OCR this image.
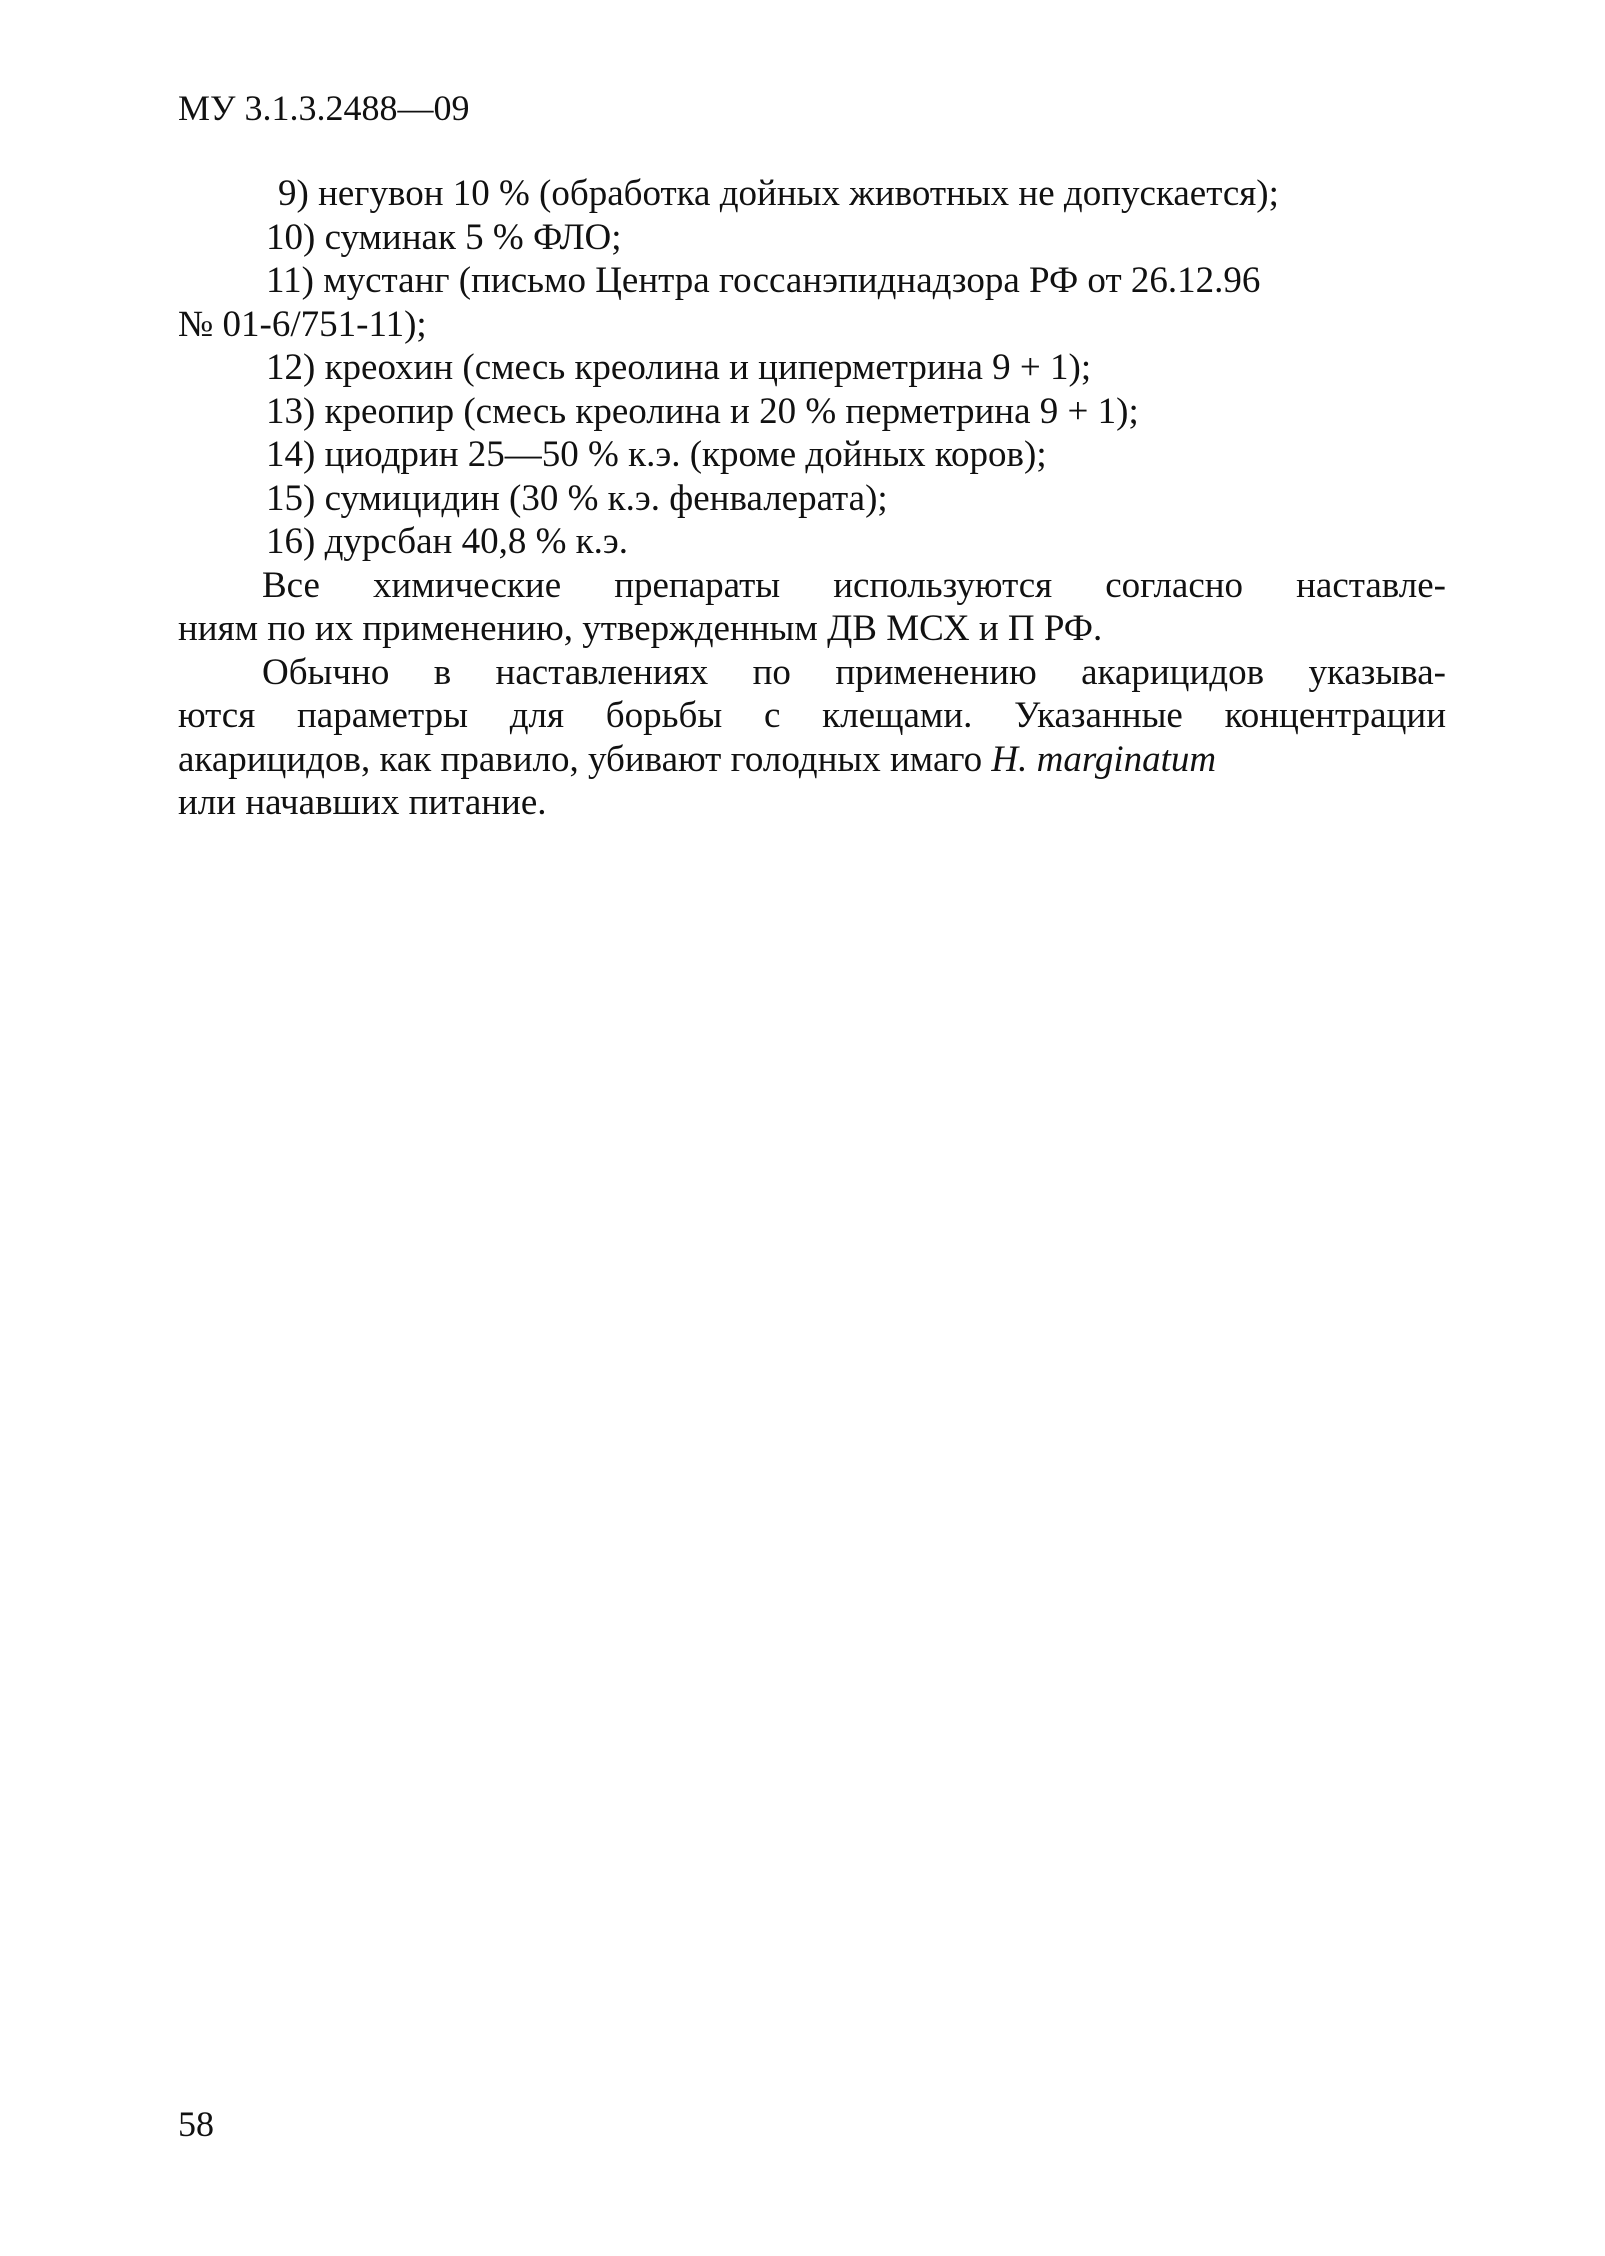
МУ 3.1.3.2488—09

9) негувон 10 % (обработка дойных животных не допускается);

10) суминак 5 % ФЛО;

11) мустанг (письмо Центра госсанэпиднадзора РФ от 26.12.96
№ 01-6/751-11);

12) креохин (смесь креолина и циперметрина 9 + 1);

13) креопир (смесь креолина и 20 % перметрина 9 + 1);

14) циодрин 25—50 % к.э. (кроме дойных коров);

15) сумицидин (30 % к.э. фенвалерата);

16) дурсбан 40,8 % к.э.

Все химические препараты используются согласно наставле-
ниям по их применению, утвержденным ДВ МСХ и П РФ.
Обычно в наставлениях по применению акарицидов указыва-
ются параметры для борьбы с клещами. Указанные концентрации
акарицидов, как правило, убивают голодных имаго H. marginatum
или начавших питание.
58
